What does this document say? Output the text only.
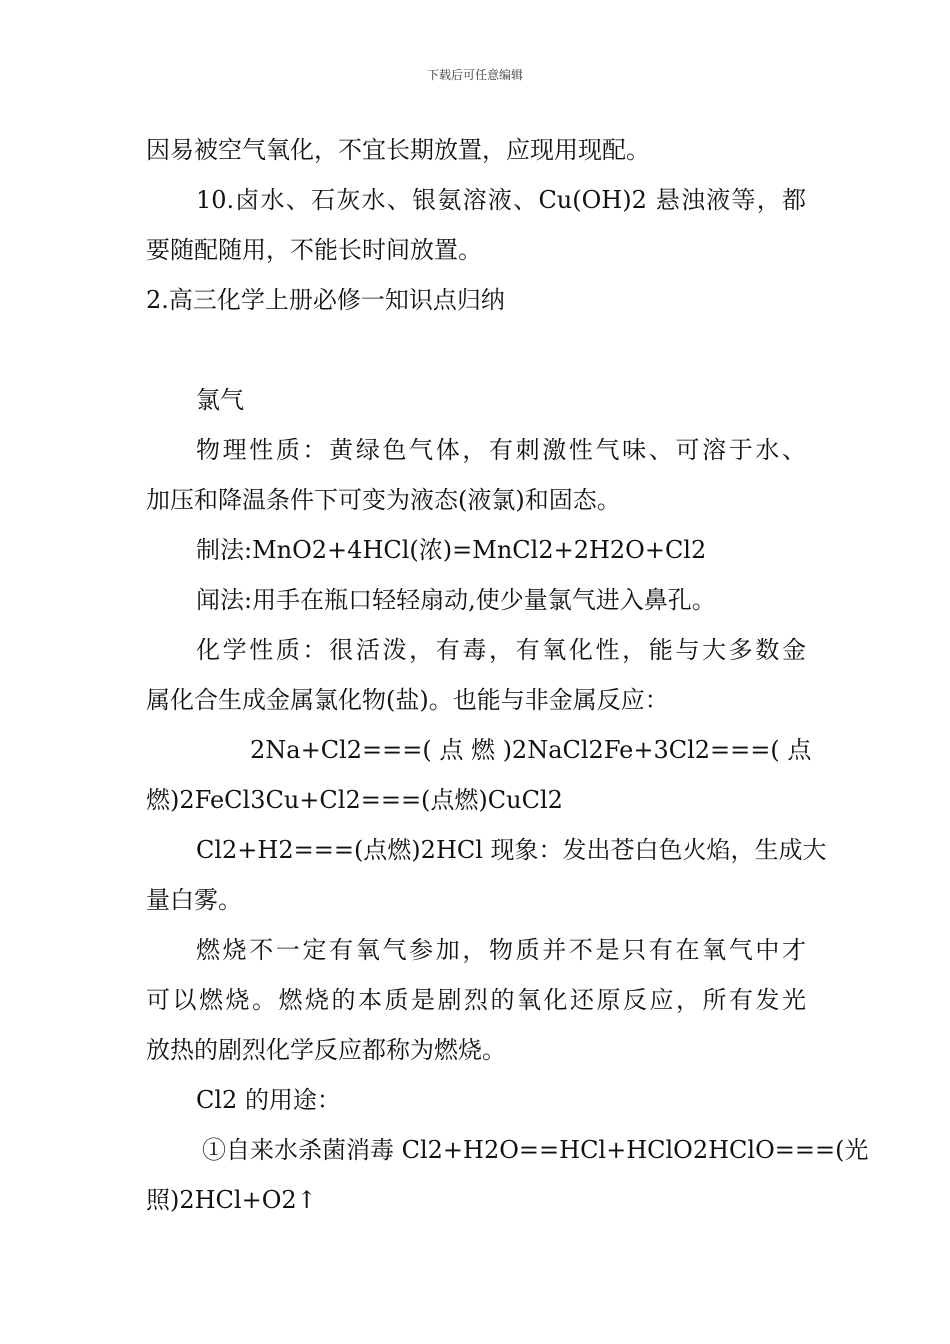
下载后可任意编辑
因易被空气氧化，不宜长期放置，应现用现配。
10.卤水、石灰水、银氨溶液、Cu(OH)2 悬浊液等，都
要随配随用，不能长时间放置。
2.高三化学上册必修一知识点归纳
氯气
物理性质：黄绿色气体，有刺激性气味、可溶于水、
加压和降温条件下可变为液态(液氯)和固态。
制法:MnO2+4HCl(浓)=MnCl2+2H2O+Cl2
闻法:用手在瓶口轻轻扇动,使少量氯气进入鼻孔。
化学性质：很活泼，有毒，有氧化性，能与大多数金
属化合生成金属氯化物(盐)。也能与非金属反应：
2Na+Cl2===( 点 燃 )2NaCl2Fe+3Cl2===( 点
燃)2FeCl3Cu+Cl2===(点燃)CuCl2
Cl2+H2===(点燃)2HCl 现象：发出苍白色火焰，生成大
量白雾。
燃烧不一定有氧气参加，物质并不是只有在氧气中才
可以燃烧。燃烧的本质是剧烈的氧化还原反应，所有发光
放热的剧烈化学反应都称为燃烧。
Cl2 的用途：
①自来水杀菌消毒 Cl2+H2O==HCl+HClO2HClO===(光
照)2HCl+O2↑
